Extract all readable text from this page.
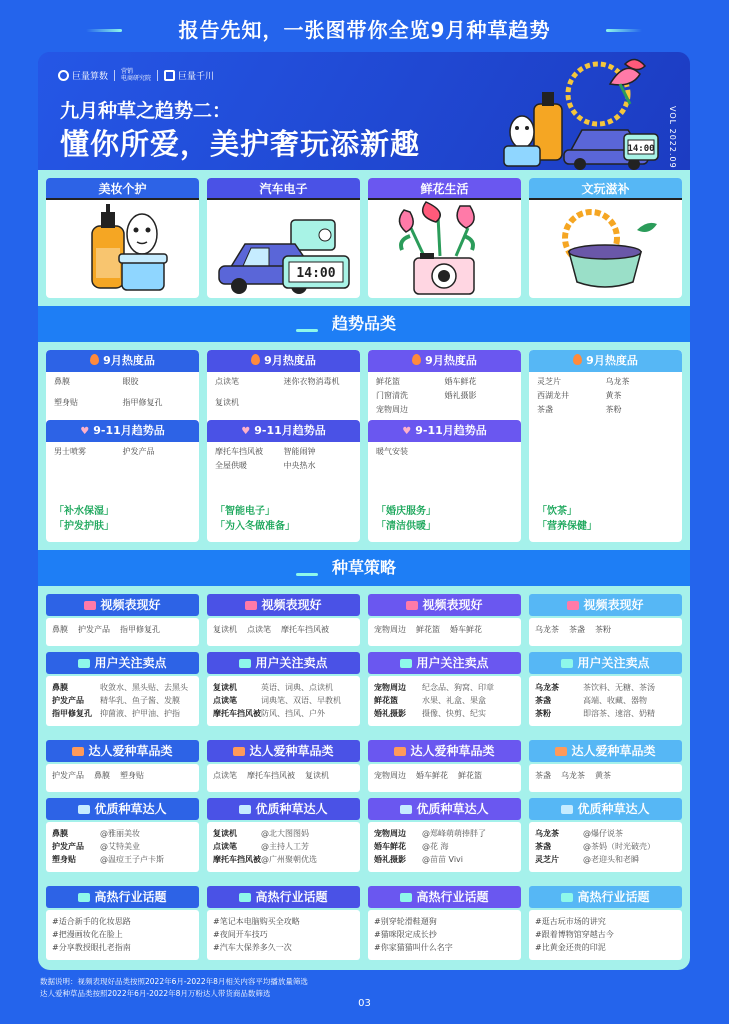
报告先知，一张图带你全览9月种草趋势
巨量算数 营销
电商研究院	巨量千川
九月种草之趋势二：
懂你所爱，美护奢玩添新趣	VOL 2022.09
14:00
美妆个护	汽车电子
14:00
鲜花生活	文玩滋补
趋势品类
9月热度品
鼻膜	眼胶
塑身贴	指甲修复孔
♥ 9-11月趋势品
男士喷雾	护发产品
「补水保湿」
「护发护肤」
9月热度品
点读笔	迷你衣物消毒机
复读机
♥ 9-11月趋势品
摩托车挡风被	智能闹钟
全屋供暖	中央热水
「智能电子」
「为入冬做准备」
9月热度品
鲜花篮	婚车鲜花
门窗清洗	婚礼摄影
宠物周边
♥ 9-11月趋势品
暖气安装
「婚庆服务」
「清洁供暖」
9月热度品
灵芝片	乌龙茶
西湖龙井	黄茶
茶盏	茶粉
「饮茶」
「营养保健」
种草策略
视频表现好
鼻膜 护发产品 指甲修复孔
视频表现好
复读机 点读笔 摩托车挡风被
视频表现好
宠物周边 鲜花篮 婚车鲜花
视频表现好
乌龙茶 茶盏 茶粉
用户关注卖点
鼻膜	收敛水、黑头贴、去黑头
护发产品	精华乳、鱼子酱、发膜
指甲修复孔	抑菌液、护甲油、护指
用户关注卖点
复读机	英语、词典、点读机
点读笔	词典笔、双语、早教机
摩托车挡风被 防风、挡风、户外
用户关注卖点
宠物周边	纪念品、狗窝、印章
鲜花篮	水果、礼盒、果盒
婚礼摄影	摄像、快剪、纪实
用户关注卖点
乌龙茶	茶饮料、无糖、茶汤
茶盏	高端、收藏、器物
茶粉	即溶茶、速溶、奶精
达人爱种草品类
护发产品 鼻膜 塑身贴
达人爱种草品类
点读笔 摩托车挡风被 复读机
达人爱种草品类
宠物周边 婚车鲜花 鲜花篮
达人爱种草品类
茶盏 乌龙茶 黄茶
优质种草达人
鼻膜	@雅丽美妆
护发产品	@艾特美业
塑身贴	@温痘王子卢卡斯
优质种草达人
复读机	@北大图图妈
点读笔	@主持人工芳
摩托车挡风被 @广州聚朝优选
优质种草达人
宠物周边	@郑峰萌萌捧胖了
婚车鲜花	@花 海
婚礼摄影	@苗苗 Vivi
优质种草达人
乌龙茶	@爆仔说茶
茶盏	@茶妈（时光破壳）
灵芝片	@老迎头和老瞬
高热行业话题
#适合新手的化妆思路
#把漫画妆化在脸上
#分享教授眼扎老指南
高热行业话题
#笔记本电脑购买全攻略
#夜间开车技巧
#汽车大保养多久一次
高热行业话题
#别穿轮滑鞋遛狗
#猫咪限定成长抄
#你家猫猫叫什么名字
高热行业话题
#逛古玩市场的讲究
#跟着博物馆穿越古今
#比黄金还贵的印泥
数据说明：视频表现好品类按照2022年6月-2022年8月相关内容平均播放量筛选
达人爱种草品类按照2022年6月-2022年8月万粉达人带货商品数筛选
03
